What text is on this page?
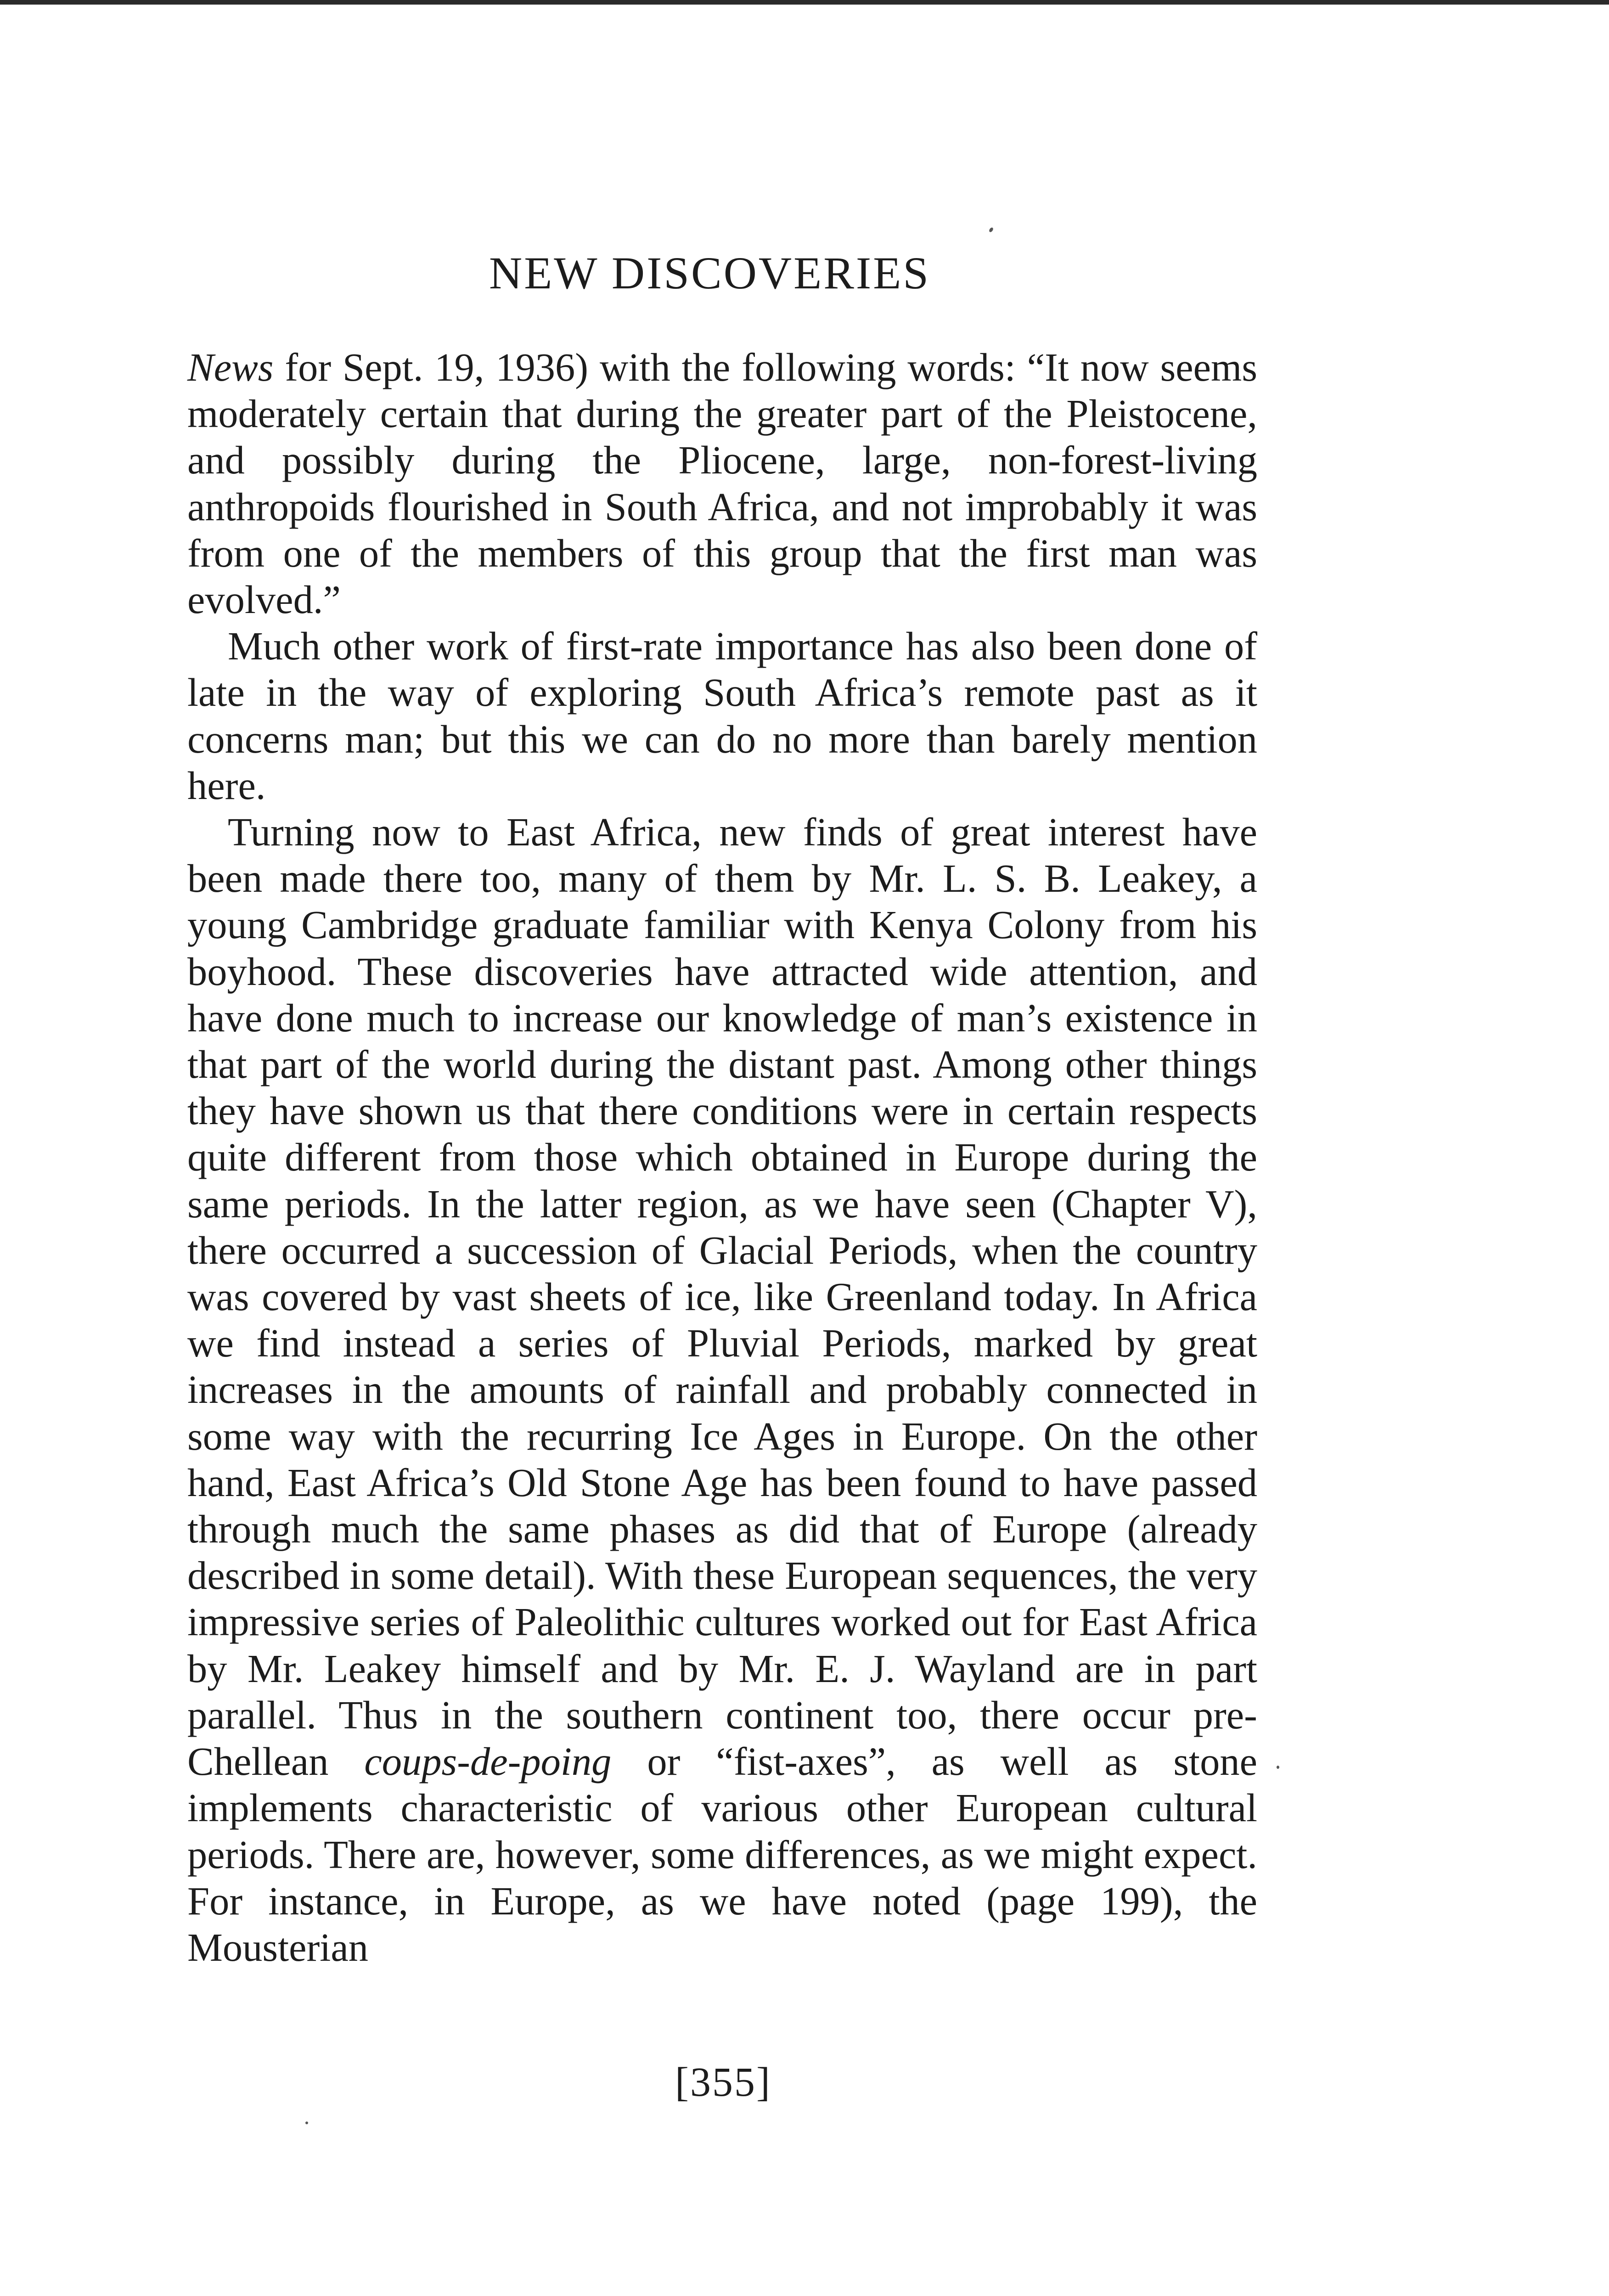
NEW DISCOVERIES

News for Sept. 19, 1936) with the following words: “It now seems moderately certain that during the greater part of the Pleistocene, and possibly during the Pliocene, large, non-forest-living anthropoids flourished in South Africa, and not improbably it was from one of the members of this group that the first man was evolved.”

Much other work of first-rate importance has also been done of late in the way of exploring South Africa’s remote past as it concerns man; but this we can do no more than barely mention here.

Turning now to East Africa, new finds of great interest have been made there too, many of them by Mr. L. S. B. Leakey, a young Cambridge graduate familiar with Kenya Colony from his boyhood. These discoveries have attracted wide attention, and have done much to increase our knowledge of man’s existence in that part of the world during the distant past. Among other things they have shown us that there conditions were in certain respects quite different from those which obtained in Europe during the same periods. In the latter region, as we have seen (Chapter V), there occurred a succession of Glacial Periods, when the country was covered by vast sheets of ice, like Greenland today. In Africa we find instead a series of Pluvial Periods, marked by great increases in the amounts of rainfall and probably connected in some way with the recurring Ice Ages in Europe. On the other hand, East Africa’s Old Stone Age has been found to have passed through much the same phases as did that of Europe (already described in some detail). With these European sequences, the very impressive series of Paleolithic cultures worked out for East Africa by Mr. Leakey himself and by Mr. E. J. Wayland are in part parallel. Thus in the southern continent too, there occur pre-Chellean coups-de-poing or “fist-axes”, as well as stone implements characteristic of various other European cultural periods. There are, however, some differences, as we might expect. For instance, in Europe, as we have noted (page 199), the Mousterian

[355]
